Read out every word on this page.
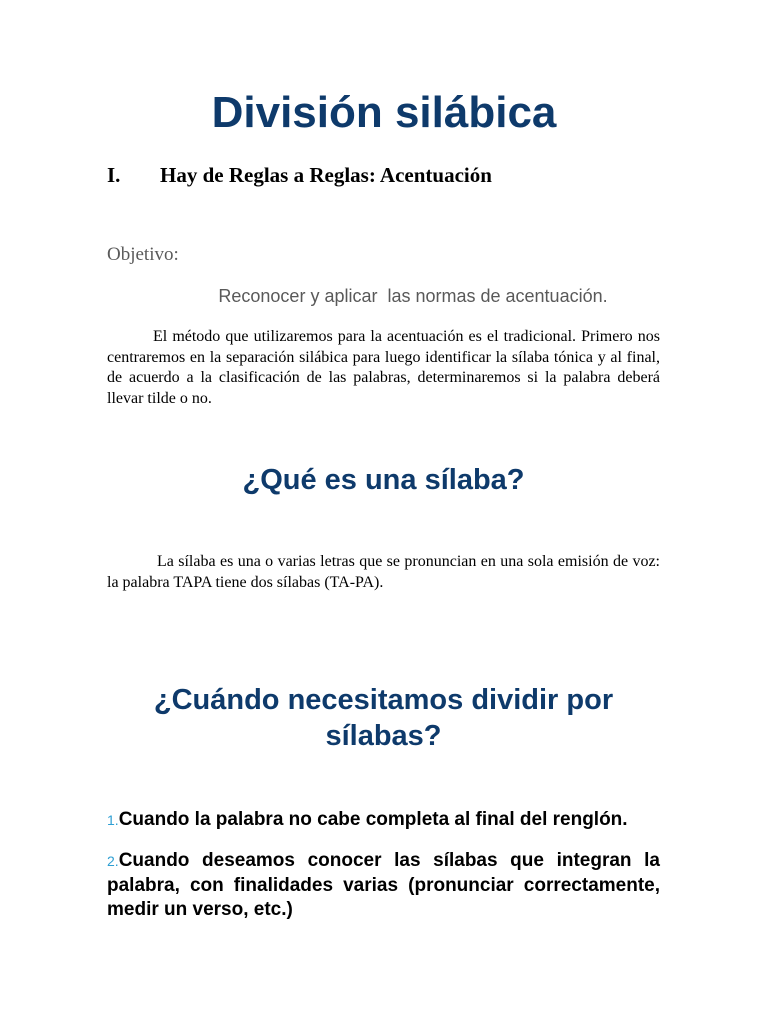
División silábica
I. Hay de Reglas a Reglas: Acentuación
Objetivo:
Reconocer y aplicar  las normas de acentuación.

El método que utilizaremos para la acentuación es el tradicional. Primero nos centraremos en la separación silábica para luego identificar la sílaba tónica y al final, de acuerdo a la clasificación de las palabras, determinaremos si la palabra deberá llevar tilde o no.

¿Qué es una sílaba?

La sílaba es una o varias letras que se pronuncian en una sola emisión de voz: la palabra TAPA tiene dos sílabas (TA-PA).

¿Cuándo necesitamos dividir por sílabas?

1.Cuando la palabra no cabe completa al final del renglón.

2.Cuando deseamos conocer las sílabas que integran la palabra, con finalidades varias (pronunciar correctamente, medir un verso, etc.)
